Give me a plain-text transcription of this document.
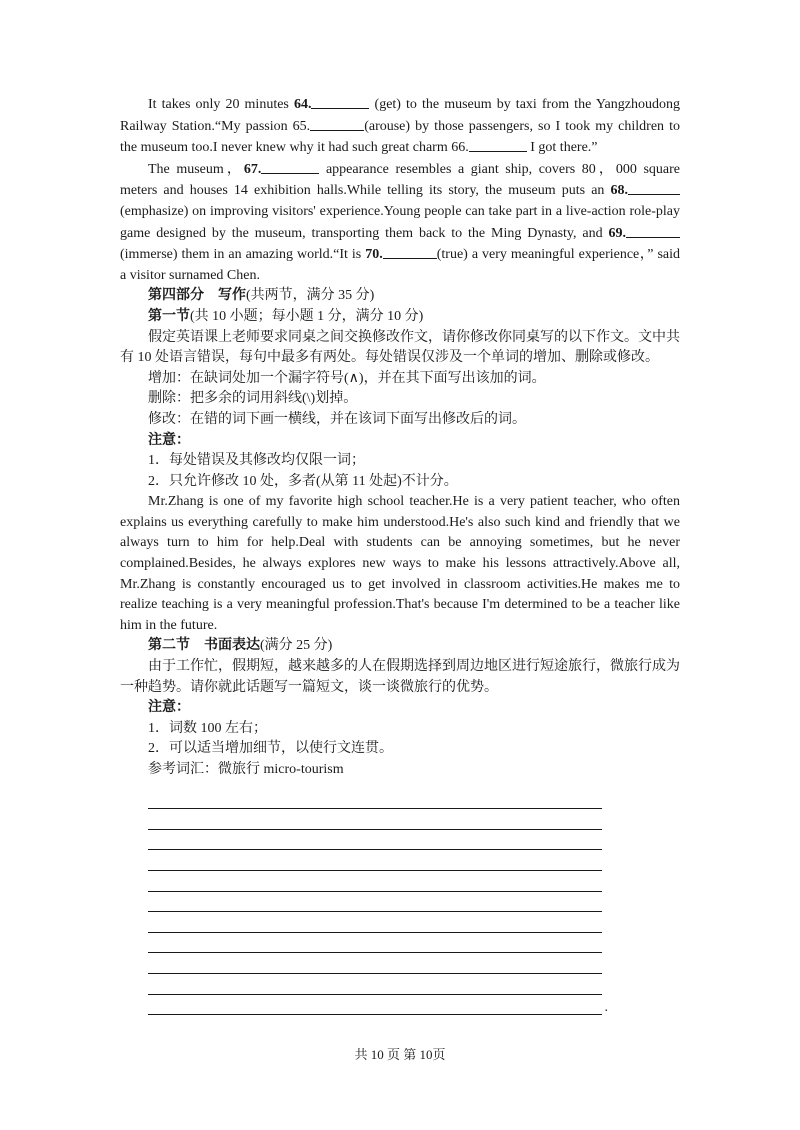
It takes only 20 minutes 64.	(get) to the museum by taxi from the Yangzhoudong Railway Station.“My passion 65.	(arouse) by those passengers, so I took my children to the museum too.I never knew why it had such great charm 66.	I got there.”

The museum，67.	appearance resembles a giant ship, covers 80，000 square meters and houses 14 exhibition halls.While telling its story, the museum puts an 68.(emphasize) on improving visitors' experience.Young people can take part in a live-action role-play game designed by the museum, transporting them back to the Ming Dynasty, and 69. (immerse) them in an amazing world.“It is 70.	(true) a very meaningful experience，” said a visitor surnamed Chen.

第四部分　写作(共两节，满分 35 分)

第一节(共 10 小题；每小题 1 分，满分 10 分)

假定英语课上老师要求同桌之间交换修改作文，请你修改你同桌写的以下作文。文中共有 10 处语言错误，每句中最多有两处。每处错误仅涉及一个单词的增加、删除或修改。

增加：在缺词处加一个漏字符号(∧)，并在其下面写出该加的词。

删除：把多余的词用斜线(\)划掉。

修改：在错的词下画一横线，并在该词下面写出修改后的词。

注意：

1．每处错误及其修改均仅限一词；

2．只允许修改 10 处，多者(从第 11 处起)不计分。

Mr.Zhang is one of my favorite high school teacher.He is a very patient teacher, who often explains us everything carefully to make him understood.He's also such kind and friendly that we always turn to him for help.Deal with students can be annoying sometimes, but he never complained.Besides, he always explores new ways to make his lessons attractively.Above all, Mr.Zhang is constantly encouraged us to get involved in classroom activities.He makes me to realize teaching is a very meaningful profession.That's because I'm determined to be a teacher like him in the future.

第二节　书面表达(满分 25 分)

由于工作忙，假期短，越来越多的人在假期选择到周边地区进行短途旅行，微旅行成为一种趋势。请你就此话题写一篇短文，谈一谈微旅行的优势。

注意：

1．词数 100 左右；

2．可以适当增加细节，以使行文连贯。

参考词汇：微旅行 micro-tourism

.
共 10 页 第 10页
